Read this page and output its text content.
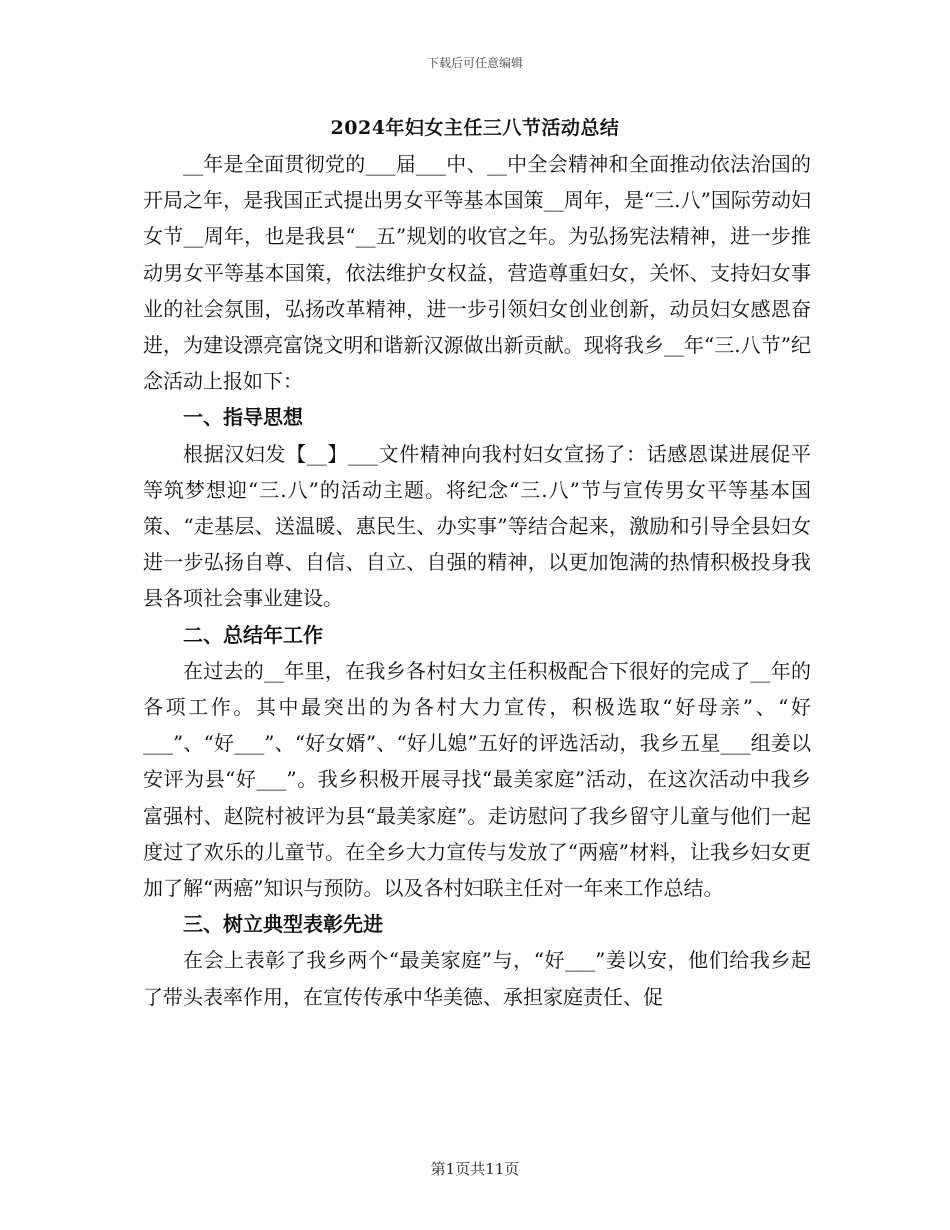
下载后可任意编辑
2024年妇女主任三八节活动总结

__年是全面贯彻党的___届___中、__中全会精神和全面推动依法治国的开局之年，是我国正式提出男女平等基本国策__周年，是“三.八”国际劳动妇女节__周年，也是我县“__五”规划的收官之年。为弘扬宪法精神，进一步推动男女平等基本国策，依法维护女权益，营造尊重妇女，关怀、支持妇女事业的社会氛围，弘扬改革精神，进一步引领妇女创业创新，动员妇女感恩奋进，为建设漂亮富饶文明和谐新汉源做出新贡献。现将我乡__年“三.八节”纪念活动上报如下：

一、指导思想

根据汉妇发【__】___文件精神向我村妇女宣扬了：话感恩谋进展促平等筑梦想迎“三.八”的活动主题。将纪念“三.八”节与宣传男女平等基本国策、“走基层、送温暖、惠民生、办实事”等结合起来，激励和引导全县妇女进一步弘扬自尊、自信、自立、自强的精神，以更加饱满的热情积极投身我县各项社会事业建设。

二、总结年工作

在过去的__年里，在我乡各村妇女主任积极配合下很好的完成了__年的各项工作。其中最突出的为各村大力宣传，积极选取“好母亲”、“好___”、“好___”、“好女婿”、“好儿媳”五好的评选活动，我乡五星___组姜以安评为县“好___”。我乡积极开展寻找“最美家庭”活动，在这次活动中我乡富强村、赵院村被评为县“最美家庭”。走访慰问了我乡留守儿童与他们一起度过了欢乐的儿童节。在全乡大力宣传与发放了“两癌”材料，让我乡妇女更加了解“两癌”知识与预防。以及各村妇联主任对一年来工作总结。

三、树立典型表彰先进

在会上表彰了我乡两个“最美家庭”与，“好___”姜以安，他们给我乡起了带头表率作用，在宣传传承中华美德、承担家庭责任、促

第1页共11页
